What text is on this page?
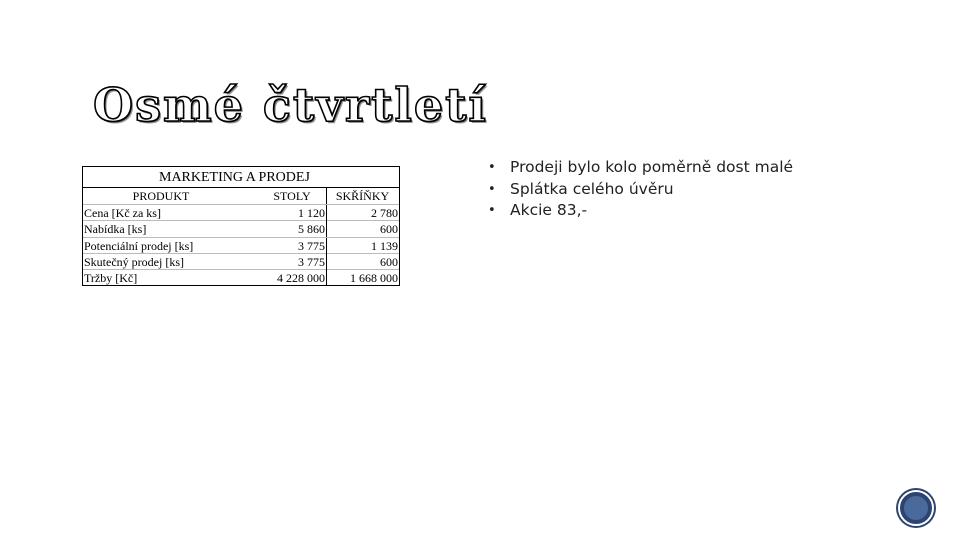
Osmé čtvrtletí
MARKETING A PRODEJ
PRODUKT	STOLY	SKŘÍŇKY
Cena [Kč za ks]	1 120	2 780
Nabídka [ks]	5 860	600
Potenciální prodej [ks]	3 775	1 139
Skutečný prodej [ks]	3 775	600
Tržby [Kč]	4 228 000	1 668 000
• Prodeji bylo kolo poměrně dost malé
• Splátka celého úvěru
• Akcie 83,-
